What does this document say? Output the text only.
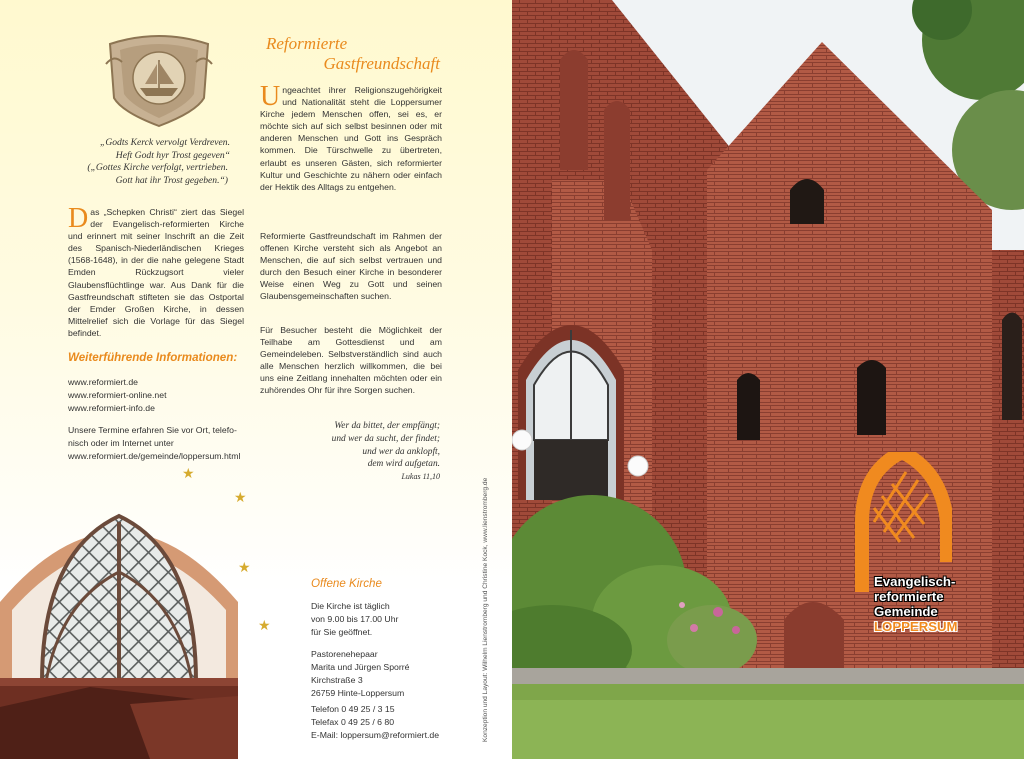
„Godts Kerck vervolgt Verdreven.
Heft Godt hyr Trost gegeven“
(„Gottes Kirche verfolgt, vertrieben.
Gott hat ihr Trost gegeben.“)
Das „Schepken Christi“ ziert das Siegel der Evangelisch-reformierten Kirche und erinnert mit seiner Inschrift an die Zeit des Spanisch-Niederländischen Krieges (1568-1648), in der die nahe gelegene Stadt Emden Rückzugsort vieler Glaubensflüchtlinge war. Aus Dank für die Gastfreundschaft stifteten sie das Ostportal der Emder Großen Kirche, in dessen Mittelrelief sich die Vorlage für das Siegel befindet.
Weiterführende Informationen:
www.reformiert.de
www.reformiert-online.net
www.reformiert-info.de
Unsere Termine erfahren Sie vor Ort, telefo-
nisch oder im Internet unter
www.reformiert.de/gemeinde/loppersum.html
★
★
★
★
Reformierte
Gastfreundschaft
Ungeachtet ihrer Religionszugehörigkeit und Nationalität steht die Loppersumer Kirche jedem Menschen offen, sei es, er möchte sich auf sich selbst besinnen oder mit anderen Menschen und Gott ins Gespräch kommen. Die Türschwelle zu übertreten, erlaubt es unseren Gästen, sich reformierter Kultur und Geschichte zu nähern oder einfach der Hektik des Alltags zu entgehen.
Reformierte Gastfreundschaft im Rahmen der offenen Kirche versteht sich als Angebot an Menschen, die auf sich selbst vertrauen und durch den Besuch einer Kirche in besonderer Weise einen Weg zu Gott und seinen Glaubensgemeinschaften suchen.
Für Besucher besteht die Möglichkeit der Teilhabe am Gottesdienst und am Gemeindeleben. Selbstverständlich sind auch alle Menschen herzlich willkommen, die bei uns eine Zeitlang innehalten möchten oder ein zuhörendes Ohr für ihre Sorgen suchen.
Wer da bittet, der empfängt;
und wer da sucht, der findet;
und wer da anklopft,
dem wird aufgetan.
Lukas 11,10
Offene Kirche
Die Kirche ist täglich
von 9.00 bis 17.00 Uhr
für Sie geöffnet.
Pastorenehepaar
Marita und Jürgen Sporré
Kirchstraße 3
26759 Hinte-Loppersum
Telefon 0 49 25 / 3 15
Telefax 0 49 25 / 6 80
E-Mail: loppersum@reformiert.de	Konzeption und Layout: Wilhelm Lienstromberg und Christine Kock, www.lienstromberg.de	Evangelisch-
reformierte
Gemeinde
LOPPERSUM
